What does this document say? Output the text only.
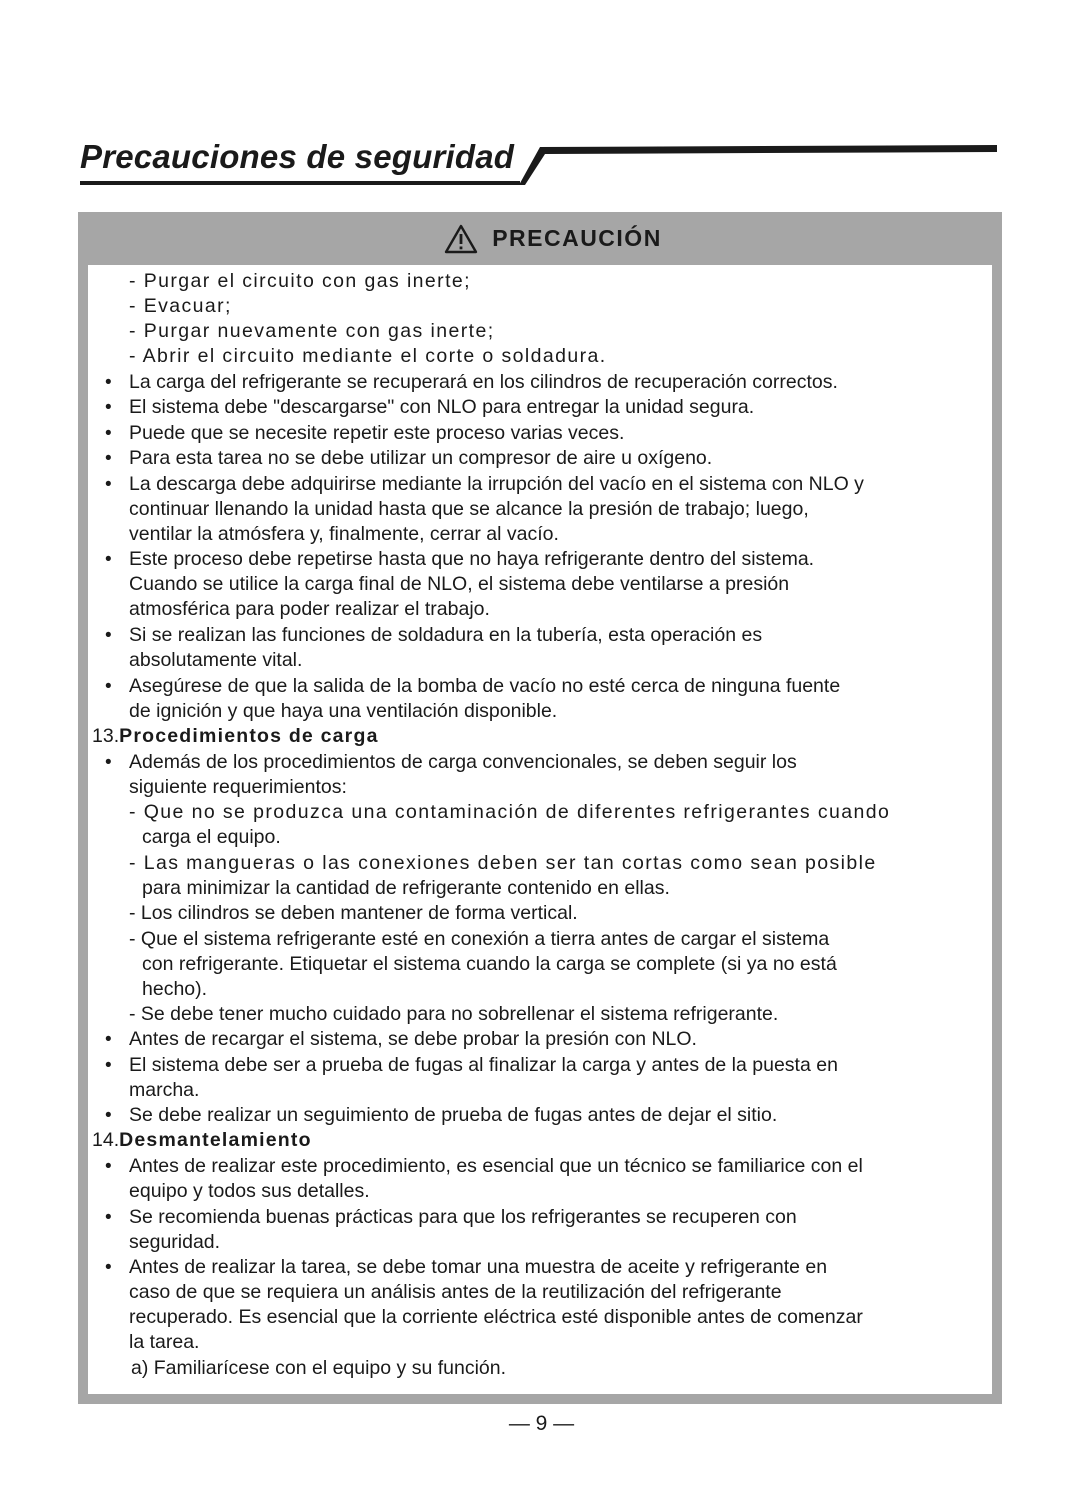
Precauciones de seguridad
PRECAUCIÓN
- Purgar el circuito con gas inerte;
- Evacuar;
- Purgar nuevamente con gas inerte;
- Abrir el circuito mediante el corte o soldadura.
• La carga del refrigerante se recuperará en los cilindros de recuperación correctos.
• El sistema debe "descargarse" con NLO para entregar la unidad segura.
• Puede que se necesite repetir este proceso varias veces.
• Para esta tarea no se debe utilizar un compresor de aire u oxígeno.
• La descarga debe adquirirse mediante la irrupción del vacío en el sistema con NLO y
continuar llenando la unidad hasta que se alcance la presión de trabajo; luego,
ventilar la atmósfera y, finalmente, cerrar al vacío.
• Este proceso debe repetirse hasta que no haya refrigerante dentro del sistema.
Cuando se utilice la carga final de NLO, el sistema debe ventilarse a presión
atmosférica para poder realizar el trabajo.
• Si se realizan las funciones de soldadura en la tubería, esta operación es
absolutamente vital.
• Asegúrese de que la salida de la bomba de vacío no esté cerca de ninguna fuente
de ignición y que haya una ventilación disponible.
13.Procedimientos de carga
• Además de los procedimientos de carga convencionales, se deben seguir los
siguiente requerimientos:
- Que no se produzca una contaminación de diferentes refrigerantes cuando
carga el equipo.
- Las mangueras o las conexiones deben ser tan cortas como sean posible
para minimizar la cantidad de refrigerante contenido en ellas.
- Los cilindros se deben mantener de forma vertical.
- Que el sistema refrigerante esté en conexión a tierra antes de cargar el sistema
con refrigerante. Etiquetar el sistema cuando la carga se complete (si ya no está
hecho).
- Se debe tener mucho cuidado para no sobrellenar el sistema refrigerante.
• Antes de recargar el sistema, se debe probar la presión con NLO.
• El sistema debe ser a prueba de fugas al finalizar la carga y antes de la puesta en
marcha.
• Se debe realizar un seguimiento de prueba de fugas antes de dejar el sitio.
14.Desmantelamiento
• Antes de realizar este procedimiento, es esencial que un técnico se familiarice con el
equipo y todos sus detalles.
• Se recomienda buenas prácticas para que los refrigerantes se recuperen con
seguridad.
• Antes de realizar la tarea, se debe tomar una muestra de aceite y refrigerante en
caso de que se requiera un análisis antes de la reutilización del refrigerante
recuperado. Es esencial que la corriente eléctrica esté disponible antes de comenzar
la tarea.
a) Familiarícese con el equipo y su función.
— 9 —
